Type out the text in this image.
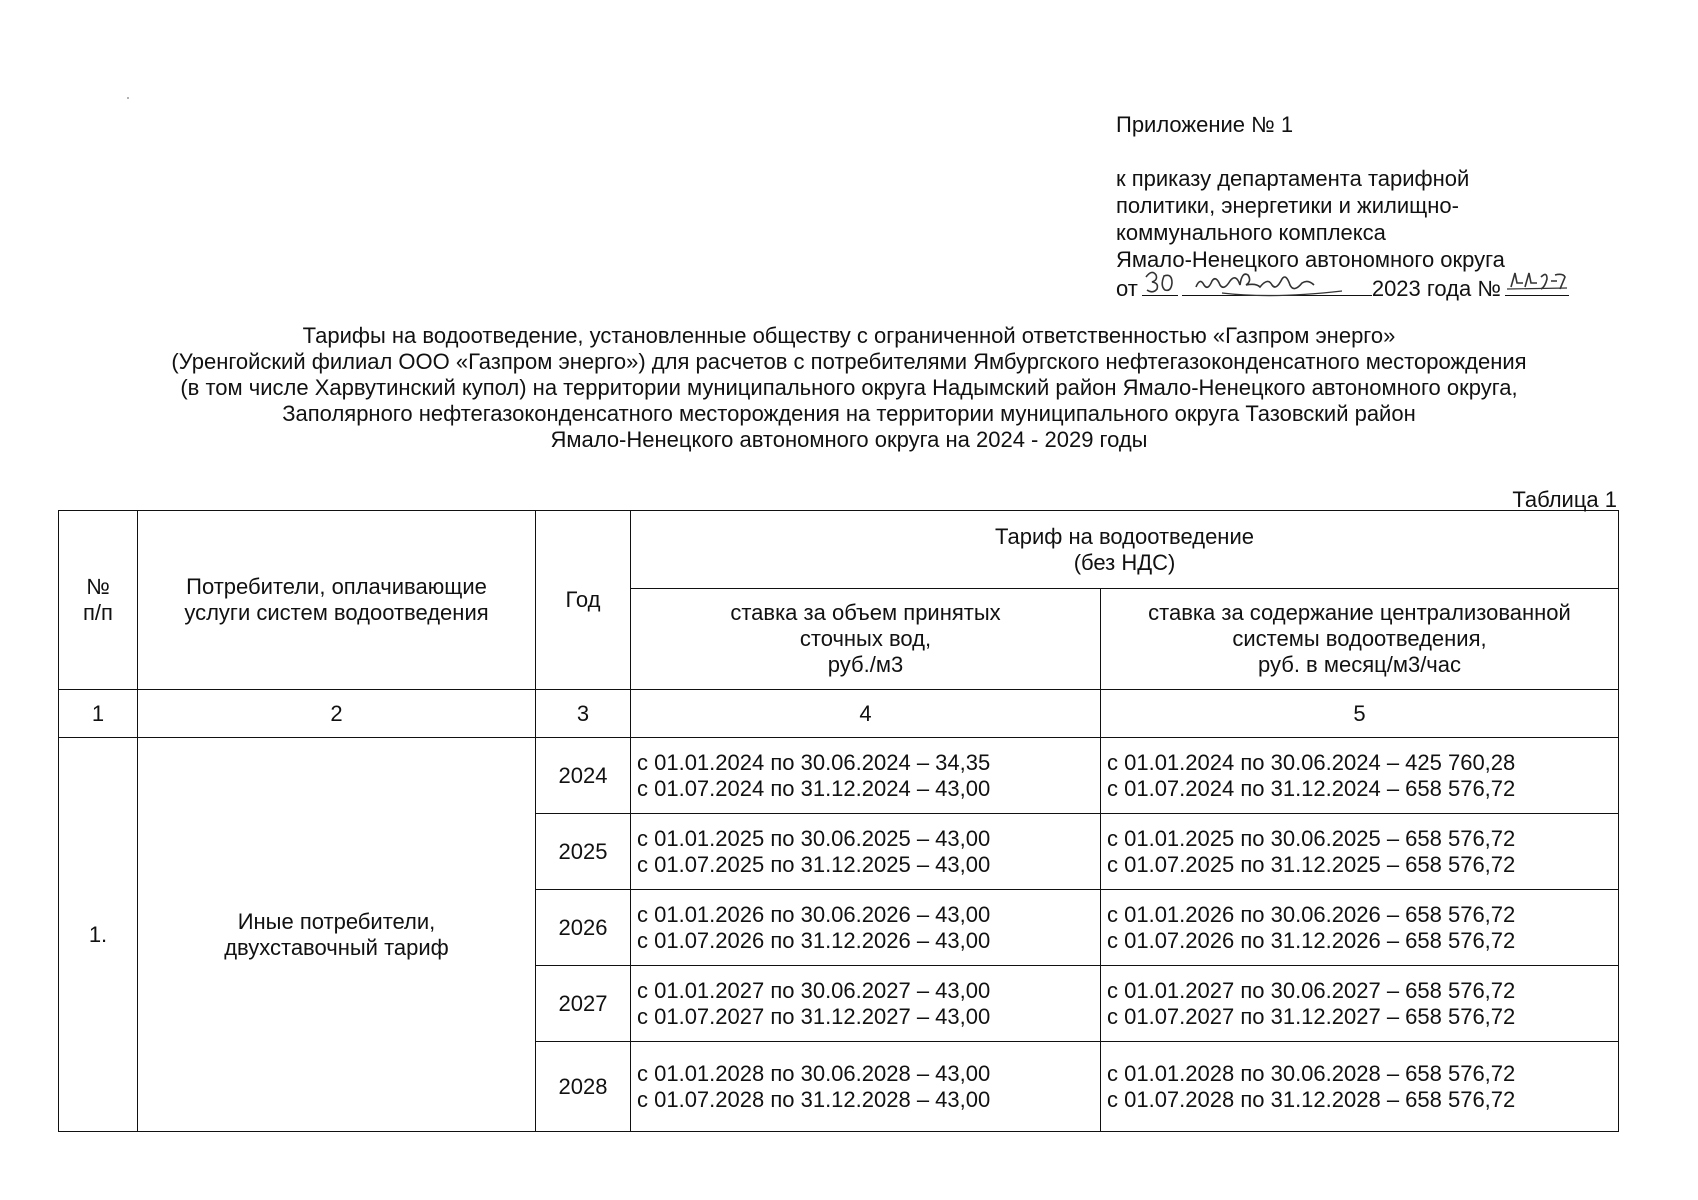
Приложение № 1

к приказу департамента тарифной

политики, энергетики и жилищно-

коммунального комплекса

Ямало-Ненецкого автономного округа

от	2023 года №

Тарифы на водоотведение, установленные обществу с ограниченной ответственностью «Газпром энерго»
(Уренгойский филиал ООО «Газпром энерго») для расчетов с потребителями Ямбургского нефтегазоконденсатного месторождения
(в том числе Харвутинский купол) на территории муниципального округа Надымский район Ямало-Ненецкого автономного округа,
Заполярного нефтегазоконденсатного месторождения на территории муниципального округа Тазовский район
Ямало-Ненецкого автономного округа на 2024 - 2029 годы
Таблица 1
№
п/п	Потребители, оплачивающие
услуги систем водоотведения	Год	Тариф на водоотведение
(без НДС)	

			ставка за объем принятых
сточных вод,
руб./м3	ставка за содержание централизованной
системы водоотведения,
руб. в месяц/м3/час

1	2	3	4	5
1.	Иные потребители,
двухставочный тариф	2024	с 01.01.2024 по 30.06.2024 – 34,35
с 01.07.2024 по 31.12.2024 – 43,00	с 01.01.2024 по 30.06.2024 – 425 760,28
с 01.07.2024 по 31.12.2024 – 658 576,72

		2025	с 01.01.2025 по 30.06.2025 – 43,00
с 01.07.2025 по 31.12.2025 – 43,00	с 01.01.2025 по 30.06.2025 – 658 576,72
с 01.07.2025 по 31.12.2025 – 658 576,72

		2026	с 01.01.2026 по 30.06.2026 – 43,00
с 01.07.2026 по 31.12.2026 – 43,00	с 01.01.2026 по 30.06.2026 – 658 576,72
с 01.07.2026 по 31.12.2026 – 658 576,72

		2027	с 01.01.2027 по 30.06.2027 – 43,00
с 01.07.2027 по 31.12.2027 – 43,00	с 01.01.2027 по 30.06.2027 – 658 576,72
с 01.07.2027 по 31.12.2027 – 658 576,72

		2028	с 01.01.2028 по 30.06.2028 – 43,00
с 01.07.2028 по 31.12.2028 – 43,00	с 01.01.2028 по 30.06.2028 – 658 576,72
с 01.07.2028 по 31.12.2028 – 658 576,72
